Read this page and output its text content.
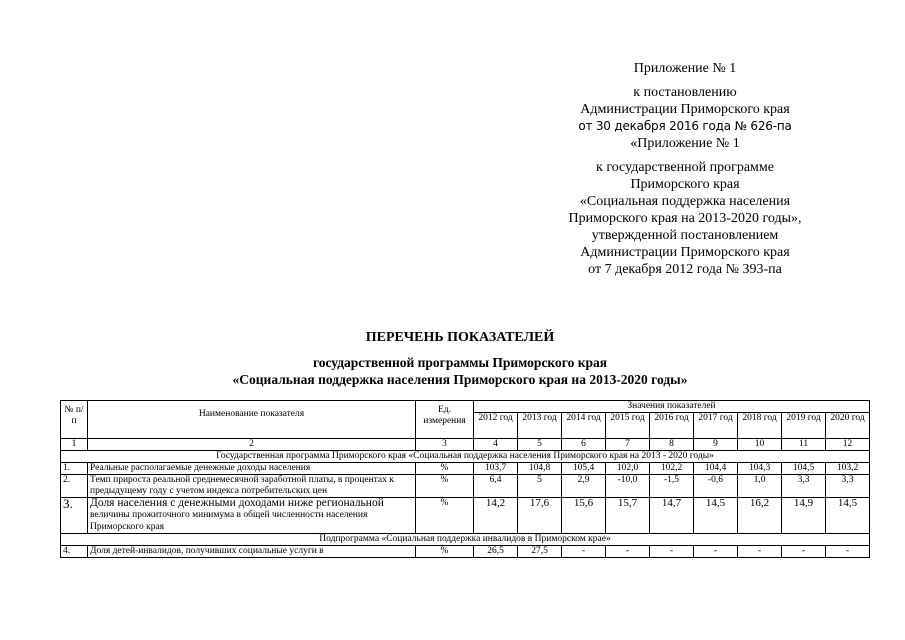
Приложение № 1
к постановлению
Администрации Приморского края
от 30 декабря 2016 года № 626-па
«Приложение № 1
к государственной программе
Приморского края
«Социальная поддержка населения
Приморского края на 2013-2020 годы»,
утвержденной постановлением
Администрации Приморского края
от 7 декабря 2012 года № 393-па
ПЕРЕЧЕНЬ ПОКАЗАТЕЛЕЙ
государственной программы Приморского края
«Социальная поддержка населения Приморского края на 2013-2020 годы»
№ п/п	Наименование показателя	Ед. измерения	Значения показателей								
			2012 год	2013 год	2014 год	2015 год	2016 год	2017 год	2018 год	2019 год	2020 год
1	2	3	4	5	6	7	8	9	10	11	12
Государственная программа Приморского края «Социальная поддержка населения Приморского края на 2013 - 2020 годы»											
1.	Реальные располагаемые денежные доходы населения	%	103,7	104,8	105,4	102,0	102,2	104,4	104,3	104,5	103,2
2.	Темп прироста реальной среднемесячной заработной платы, в процентах к предыдущему году с учетом индекса потребительских цен	%	6,4	5	2,9	-10,0	-1,5	-0,6	1,0	3,3	3,3
3.	Доля населения с денежными доходами ниже региональной величины прожиточного минимума в общей численности населения Приморского края	%	14,2	17,6	15,6	15,7	14,7	14,5	16,2	14,9	14,5
Подпрограмма «Социальная поддержка инвалидов в Приморском крае»											
4.	Доля детей-инвалидов, получивших социальные услуги в	%	26,5	27,5	-	-	-	-	-	-	-
